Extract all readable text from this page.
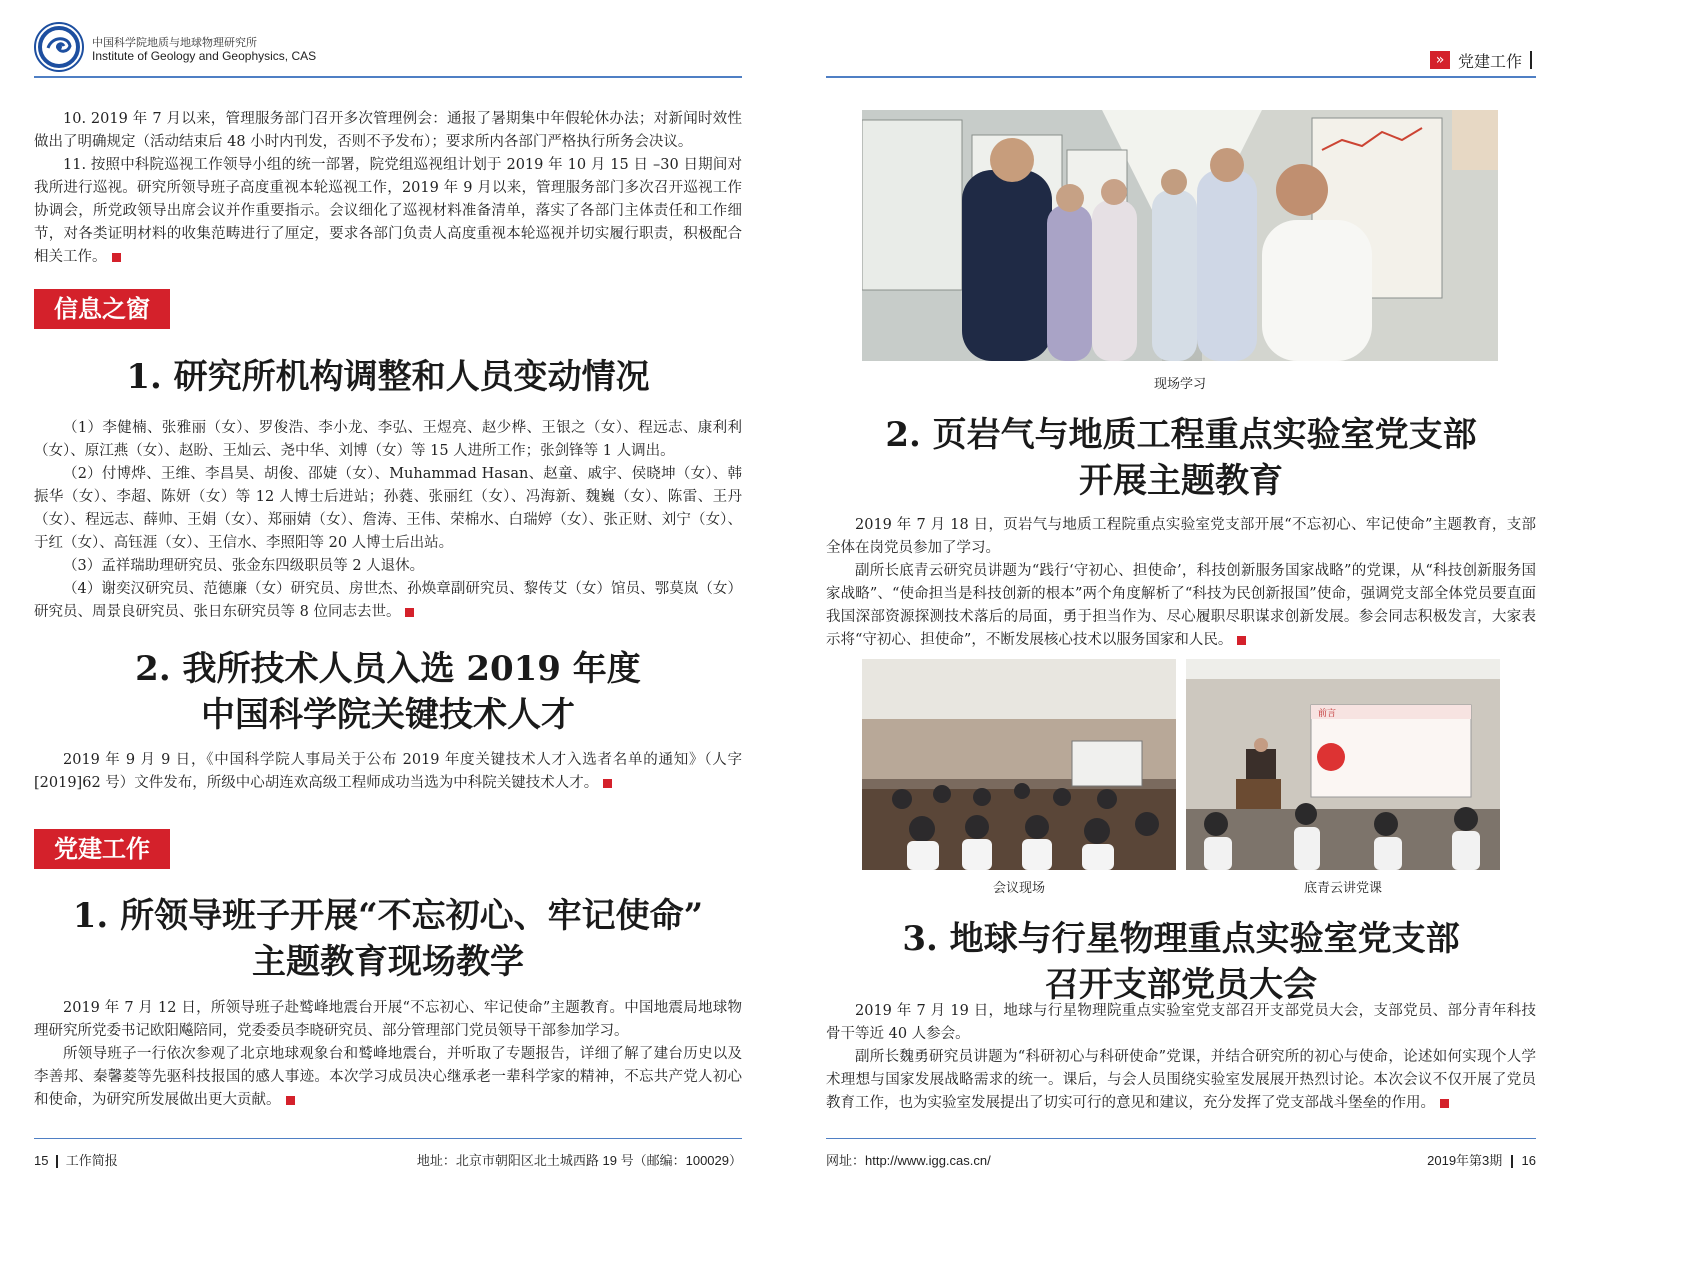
中国科学院地质与地球物理研究所
Institute of Geology and Geophysics, CAS	» 党建工作

10. 2019 年 7 月以来，管理服务部门召开多次管理例会：通报了暑期集中年假轮休办法；对新闻时效性做出了明确规定（活动结束后 48 小时内刊发，否则不予发布）；要求所内各部门严格执行所务会决议。

11. 按照中科院巡视工作领导小组的统一部署，院党组巡视组计划于 2019 年 10 月 15 日 –30 日期间对我所进行巡视。研究所领导班子高度重视本轮巡视工作，2019 年 9 月以来，管理服务部门多次召开巡视工作协调会，所党政领导出席会议并作重要指示。会议细化了巡视材料准备清单，落实了各部门主体责任和工作细节，对各类证明材料的收集范畴进行了厘定，要求各部门负责人高度重视本轮巡视并切实履行职责，积极配合相关工作。

信息之窗
1. 研究所机构调整和人员变动情况

（1）李健楠、张雅丽（女）、罗俊浩、李小龙、李弘、王煜亮、赵少桦、王银之（女）、程远志、康利利（女）、原江燕（女）、赵盼、王灿云、尧中华、刘博（女）等 15 人进所工作；张剑锋等 1 人调出。

（2）付博烨、王维、李昌昊、胡俊、邵婕（女）、Muhammad Hasan、赵童、戚宇、侯晓坤（女）、韩振华（女）、李超、陈妍（女）等 12 人博士后进站；孙蕤、张丽红（女）、冯海新、魏巍（女）、陈雷、王丹（女）、程远志、薛帅、王娟（女）、郑丽婧（女）、詹涛、王伟、荣棉水、白瑞婷（女）、张正财、刘宁（女）、于红（女）、高钰涯（女）、王信水、李照阳等 20 人博士后出站。

（3）孟祥瑞助理研究员、张金东四级职员等 2 人退休。

（4）谢奕汉研究员、范德廉（女）研究员、房世杰、孙焕章副研究员、黎传艾（女）馆员、鄂莫岚（女）研究员、周景良研究员、张日东研究员等 8 位同志去世。

2. 我所技术人员入选 2019 年度
中国科学院关键技术人才

2019 年 9 月 9 日，《中国科学院人事局关于公布 2019 年度关键技术人才入选者名单的通知》（人字 [2019]62 号）文件发布，所级中心胡连欢高级工程师成功当选为中科院关键技术人才。

党建工作
1. 所领导班子开展“不忘初心、牢记使命”
主题教育现场教学

2019 年 7 月 12 日，所领导班子赴鹫峰地震台开展“不忘初心、牢记使命”主题教育。中国地震局地球物理研究所党委书记欧阳飚陪同，党委委员李晓研究员、部分管理部门党员领导干部参加学习。

所领导班子一行依次参观了北京地球观象台和鹫峰地震台，并听取了专题报告，详细了解了建台历史以及李善邦、秦馨菱等先驱科技报国的感人事迹。本次学习成员决心继承老一辈科学家的精神，不忘共产党人初心和使命，为研究所发展做出更大贡献。

15 工作简报	地址：北京市朝阳区北土城西路 19 号（邮编：100029）
现场学习
2. 页岩气与地质工程重点实验室党支部
开展主题教育

2019 年 7 月 18 日，页岩气与地质工程院重点实验室党支部开展“不忘初心、牢记使命”主题教育，支部全体在岗党员参加了学习。

副所长底青云研究员讲题为“践行‘守初心、担使命’，科技创新服务国家战略”的党课，从“科技创新服务国家战略”、“使命担当是科技创新的根本”两个角度解析了“科技为民创新报国”使命，强调党支部全体党员要直面我国深部资源探测技术落后的局面，勇于担当作为、尽心履职尽职谋求创新发展。参会同志积极发言，大家表示将“守初心、担使命”，不断发展核心技术以服务国家和人民。

会议现场
前言
底青云讲党课
3. 地球与行星物理重点实验室党支部
召开支部党员大会

2019 年 7 月 19 日，地球与行星物理院重点实验室党支部召开支部党员大会，支部党员、部分青年科技骨干等近 40 人参会。

副所长魏勇研究员讲题为“科研初心与科研使命”党课，并结合研究所的初心与使命，论述如何实现个人学术理想与国家发展战略需求的统一。课后，与会人员围绕实验室发展展开热烈讨论。本次会议不仅开展了党员教育工作，也为实验室发展提出了切实可行的意见和建议，充分发挥了党支部战斗堡垒的作用。

网址：http://www.igg.cas.cn/	2019年第3期 16
